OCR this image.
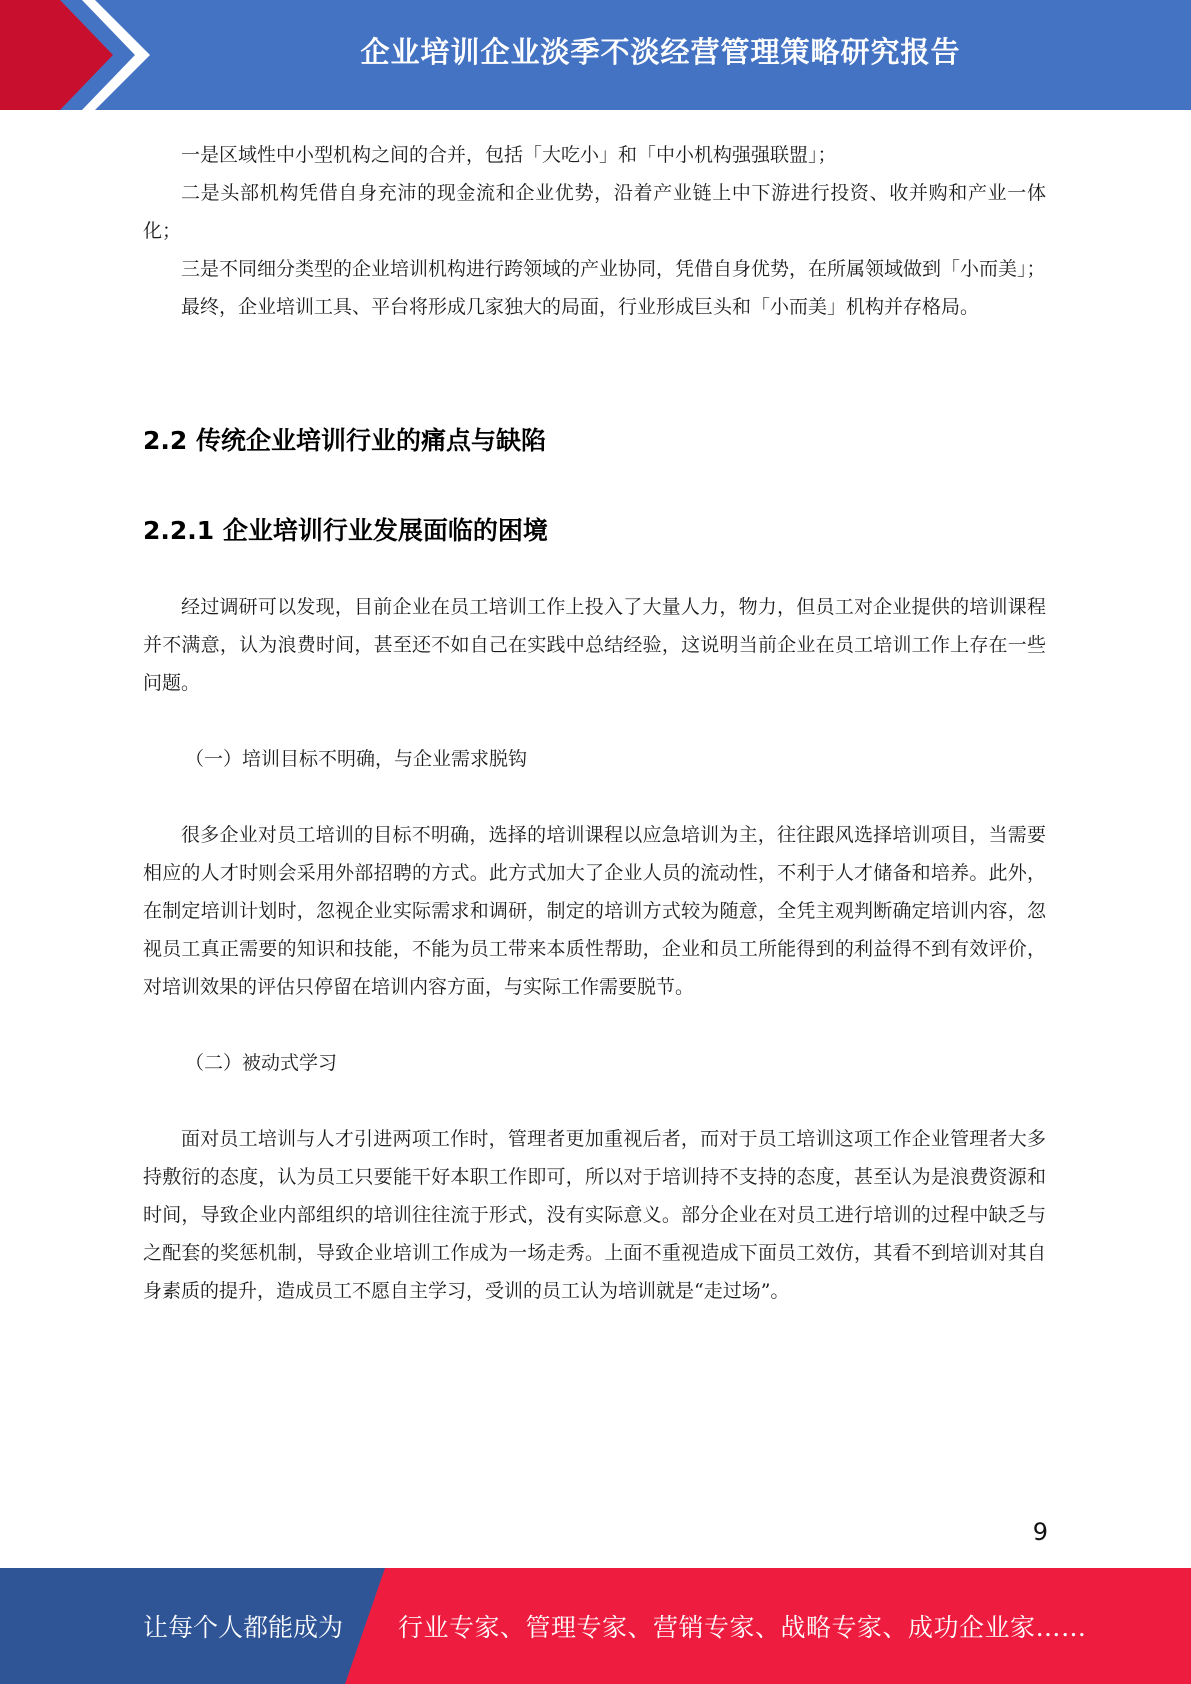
企业培训企业淡季不淡经营管理策略研究报告

一是区域性中小型机构之间的合并，包括「大吃小」和「中小机构强强联盟」；

二是头部机构凭借自身充沛的现金流和企业优势，沿着产业链上中下游进行投资、收并购和产业一体化；

三是不同细分类型的企业培训机构进行跨领域的产业协同，凭借自身优势，在所属领域做到「小而美」；

最终，企业培训工具、平台将形成几家独大的局面，行业形成巨头和「小而美」机构并存格局。

2.2 传统企业培训行业的痛点与缺陷
2.2.1 企业培训行业发展面临的困境

经过调研可以发现，目前企业在员工培训工作上投入了大量人力，物力，但员工对企业提供的培训课程并不满意，认为浪费时间，甚至还不如自己在实践中总结经验，这说明当前企业在员工培训工作上存在一些问题。

（一）培训目标不明确，与企业需求脱钩

很多企业对员工培训的目标不明确，选择的培训课程以应急培训为主，往往跟风选择培训项目，当需要相应的人才时则会采用外部招聘的方式。此方式加大了企业人员的流动性，不利于人才储备和培养。此外，在制定培训计划时，忽视企业实际需求和调研，制定的培训方式较为随意，全凭主观判断确定培训内容，忽视员工真正需要的知识和技能，不能为员工带来本质性帮助，企业和员工所能得到的利益得不到有效评价，对培训效果的评估只停留在培训内容方面，与实际工作需要脱节。

（二）被动式学习

面对员工培训与人才引进两项工作时，管理者更加重视后者，而对于员工培训这项工作企业管理者大多持敷衍的态度，认为员工只要能干好本职工作即可，所以对于培训持不支持的态度，甚至认为是浪费资源和时间，导致企业内部组织的培训往往流于形式，没有实际意义。部分企业在对员工进行培训的过程中缺乏与之配套的奖惩机制，导致企业培训工作成为一场走秀。上面不重视造成下面员工效仿，其看不到培训对其自身素质的提升，造成员工不愿自主学习，受训的员工认为培训就是“走过场”。

9
让每个人都能成为 行业专家、管理专家、营销专家、战略专家、成功企业家……
